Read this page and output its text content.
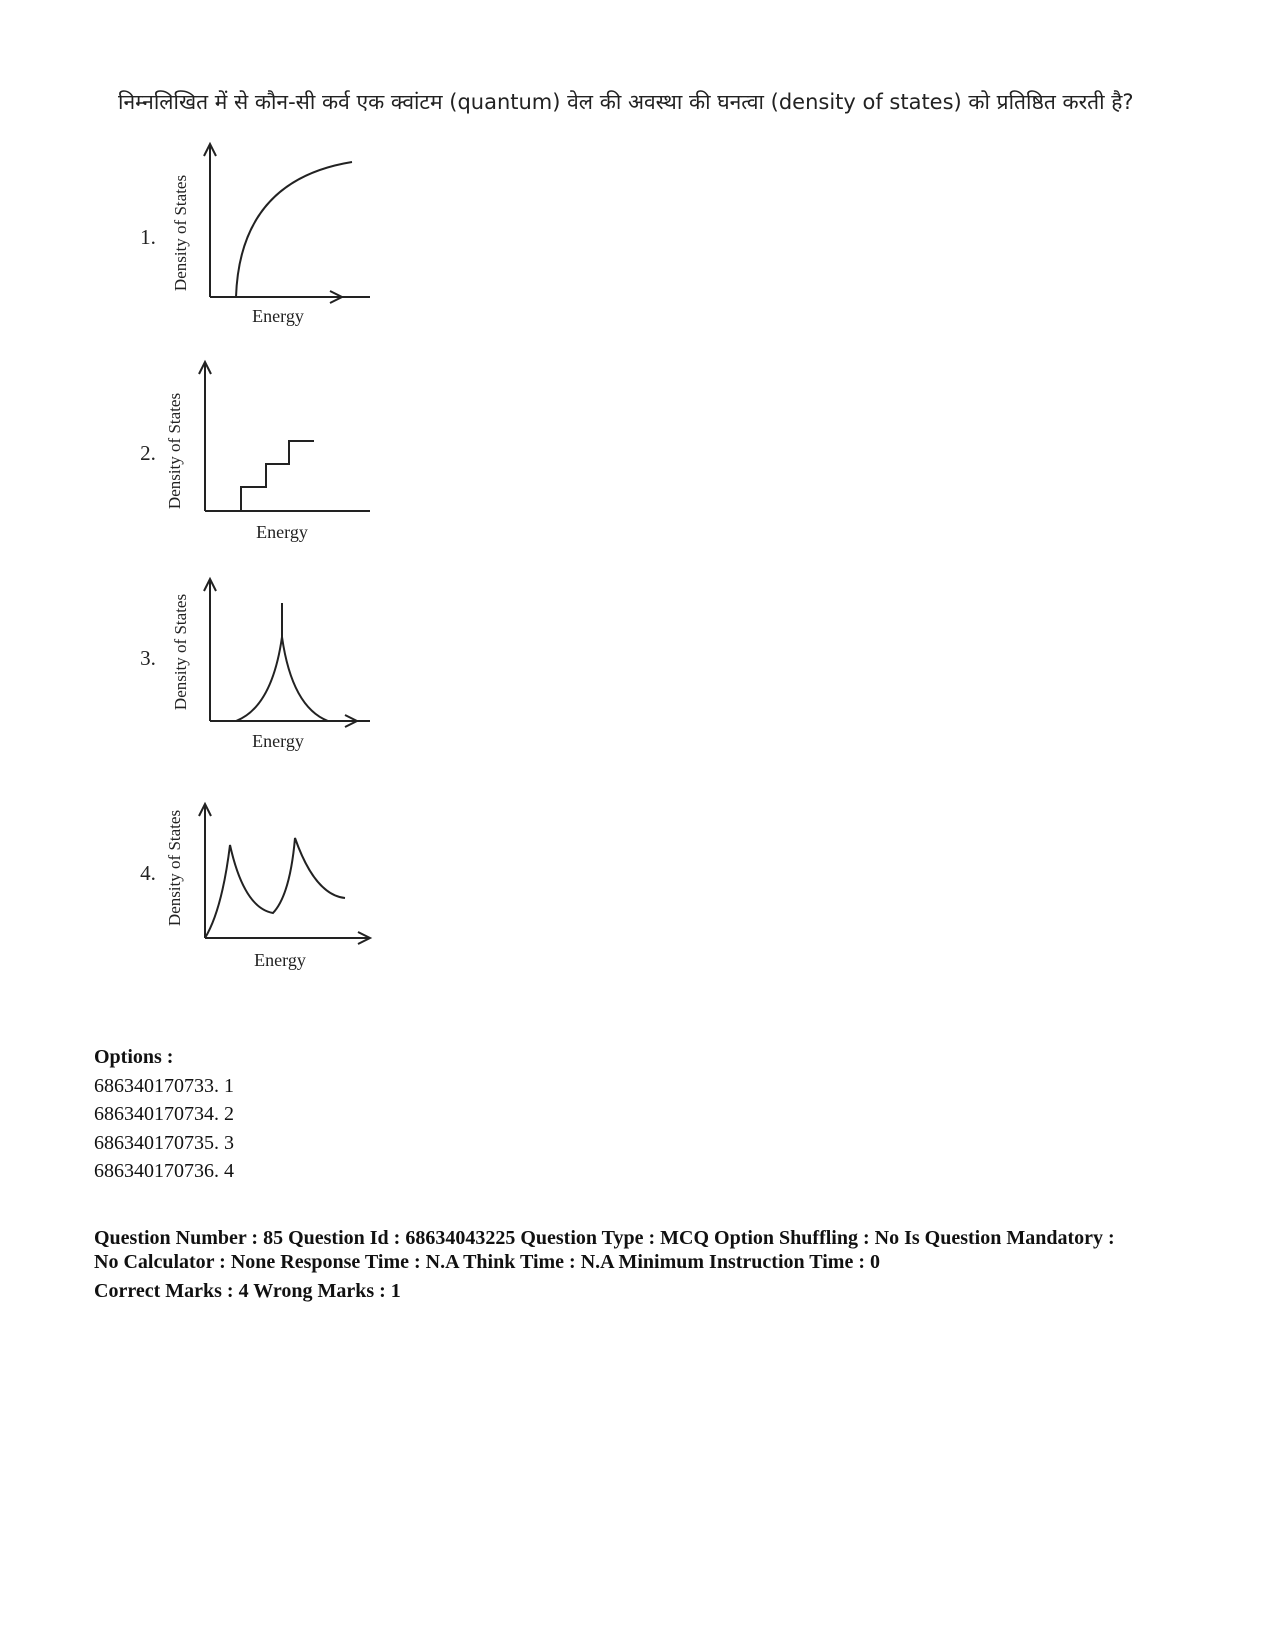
निम्नलिखित में से कौन-सी कर्व एक क्वांटम (quantum) वेल की अवस्था की घनत्वा (density of states) को प्रतिष्ठित करती है?
1. Density of States
Energy
2. Density of States
Energy
3. Density of States
Energy
4. Density of States
Energy
Options :
686340170733. 1
686340170734. 2
686340170735. 3
686340170736. 4
Question Number : 85 Question Id : 68634043225 Question Type : MCQ Option Shuffling : No Is Question Mandatory :
No Calculator : None Response Time : N.A Think Time : N.A Minimum Instruction Time : 0
Correct Marks : 4 Wrong Marks : 1
